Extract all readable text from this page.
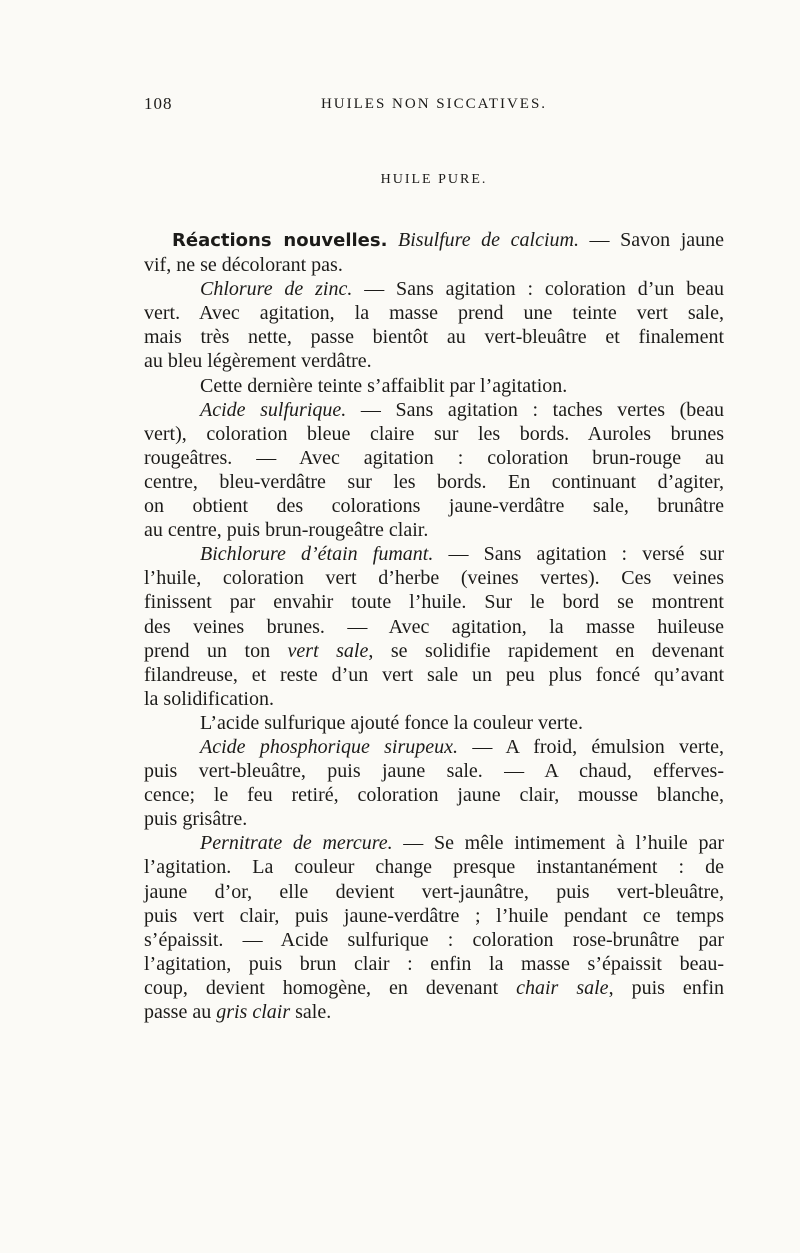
108	HUILES NON SICCATIVES.
HUILE PURE.
Réactions nouvelles. Bisulfure de calcium. — Savon jaune
vif, ne se décolorant pas.
Chlorure de zinc. — Sans agitation : coloration d’un beau
vert. Avec agitation, la masse prend une teinte vert sale,
mais très nette, passe bientôt au vert-bleuâtre et finalement
au bleu légèrement verdâtre.
Cette dernière teinte s’affaiblit par l’agitation.
Acide sulfurique. — Sans agitation : taches vertes (beau
vert), coloration bleue claire sur les bords. Auroles brunes
rougeâtres. — Avec agitation : coloration brun-rouge au
centre, bleu-verdâtre sur les bords. En continuant d’agiter,
on obtient des colorations jaune-verdâtre sale, brunâtre
au centre, puis brun-rougeâtre clair.
Bichlorure d’étain fumant. — Sans agitation : versé sur
l’huile, coloration vert d’herbe (veines vertes). Ces veines
finissent par envahir toute l’huile. Sur le bord se montrent
des veines brunes. — Avec agitation, la masse huileuse
prend un ton vert sale, se solidifie rapidement en devenant
filandreuse, et reste d’un vert sale un peu plus foncé qu’avant
la solidification.
L’acide sulfurique ajouté fonce la couleur verte.
Acide phosphorique sirupeux. — A froid, émulsion verte,
puis vert-bleuâtre, puis jaune sale. — A chaud, efferves-
cence; le feu retiré, coloration jaune clair, mousse blanche,
puis grisâtre.
Pernitrate de mercure. — Se mêle intimement à l’huile par
l’agitation. La couleur change presque instantanément : de
jaune d’or, elle devient vert-jaunâtre, puis vert-bleuâtre,
puis vert clair, puis jaune-verdâtre ; l’huile pendant ce temps
s’épaissit. — Acide sulfurique : coloration rose-brunâtre par
l’agitation, puis brun clair : enfin la masse s’épaissit beau-
coup, devient homogène, en devenant chair sale, puis enfin
passe au gris clair sale.
